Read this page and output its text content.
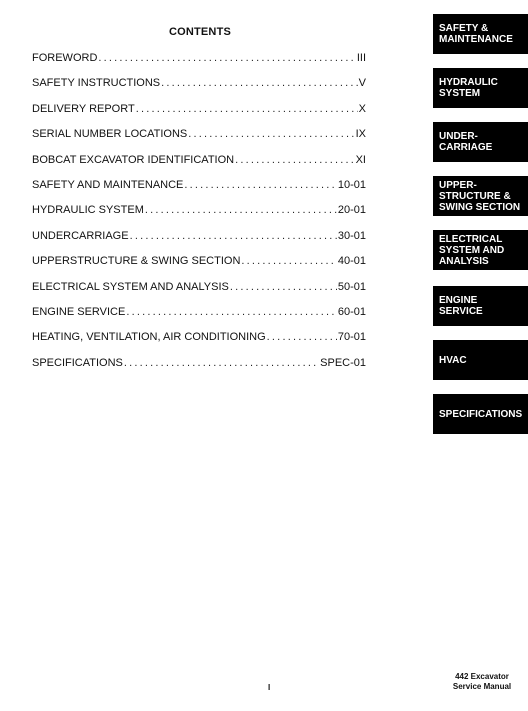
CONTENTS
FOREWORD .....	III
SAFETY INSTRUCTIONS .....	V
DELIVERY REPORT .....	X
SERIAL NUMBER LOCATIONS .....	IX
BOBCAT EXCAVATOR IDENTIFICATION .....	XI
SAFETY AND MAINTENANCE .....	10-01
HYDRAULIC SYSTEM .....	20-01
UNDERCARRIAGE .....	30-01
UPPERSTRUCTURE & SWING SECTION .....	40-01
ELECTRICAL SYSTEM AND ANALYSIS .....	50-01
ENGINE SERVICE .....	60-01
HEATING, VENTILATION, AIR CONDITIONING .....	70-01
SPECIFICATIONS .....	SPEC-01
SAFETY &
MAINTENANCE
HYDRAULIC
SYSTEM
UNDER-
CARRIAGE
UPPER-
STRUCTURE &
SWING SECTION
ELECTRICAL
SYSTEM AND
ANALYSIS
ENGINE
SERVICE
HVAC
SPECIFICATIONS
I
442 Excavator
Service Manual
